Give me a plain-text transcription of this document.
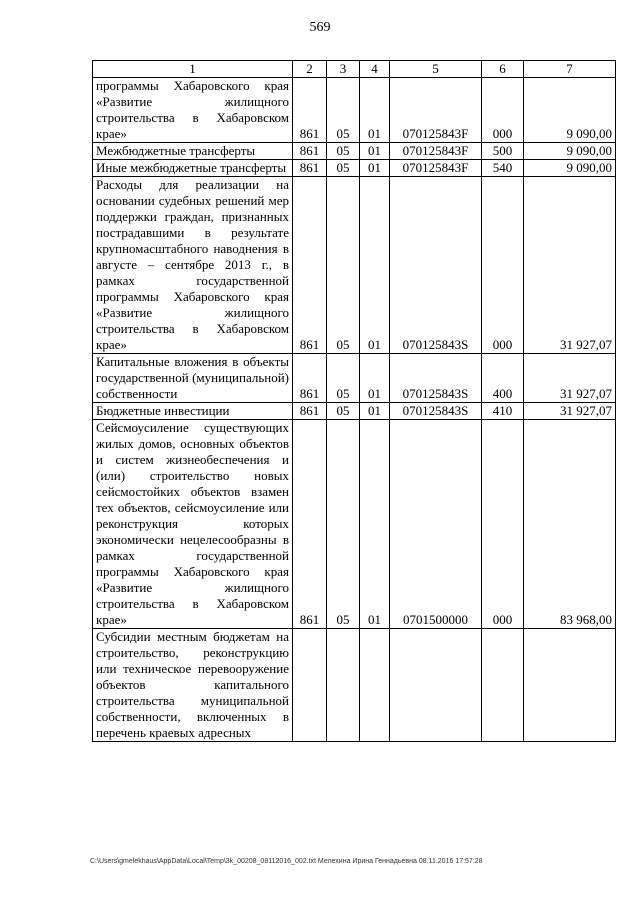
569
1	2	3	4	5	6	7
программы Хабаровского края «Развитие жилищного строительства в Хабаровском крае»	861	05	01	070125843F	000	9 090,00
Межбюджетные трансферты	861	05	01	070125843F	500	9 090,00
Иные межбюджетные трансферты	861	05	01	070125843F	540	9 090,00
Расходы для реализации на основании судебных решений мер поддержки граждан, признанных пострадавшими в результате крупномасштабного наводнения в августе – сентябре 2013 г., в рамках государственной программы Хабаровского края «Развитие жилищного строительства в Хабаровском крае»	861	05	01	070125843S	000	31 927,07
Капитальные вложения в объекты государственной (муниципальной) собственности	861	05	01	070125843S	400	31 927,07
Бюджетные инвестиции	861	05	01	070125843S	410	31 927,07
Сейсмоусиление существующих жилых домов, основных объектов и систем жизнеобеспечения и (или) строительство новых сейсмостойких объектов взамен тех объектов, сейсмоусиление или реконструкция которых экономически нецелесообразны в рамках государственной программы Хабаровского края «Развитие жилищного строительства в Хабаровском крае»	861	05	01	0701500000	000	83 968,00
Субсидии местным бюджетам на строительство, реконструкцию или техническое перевооружение объектов капитального строительства муниципальной собственности, включенных в перечень краевых адресных						
C:\Users\gmelekhaus\AppData\Local\Temp\3k_00208_08112016_002.txt Мелехина Ирина Геннадьевна 08.11.2016 17:57:28
